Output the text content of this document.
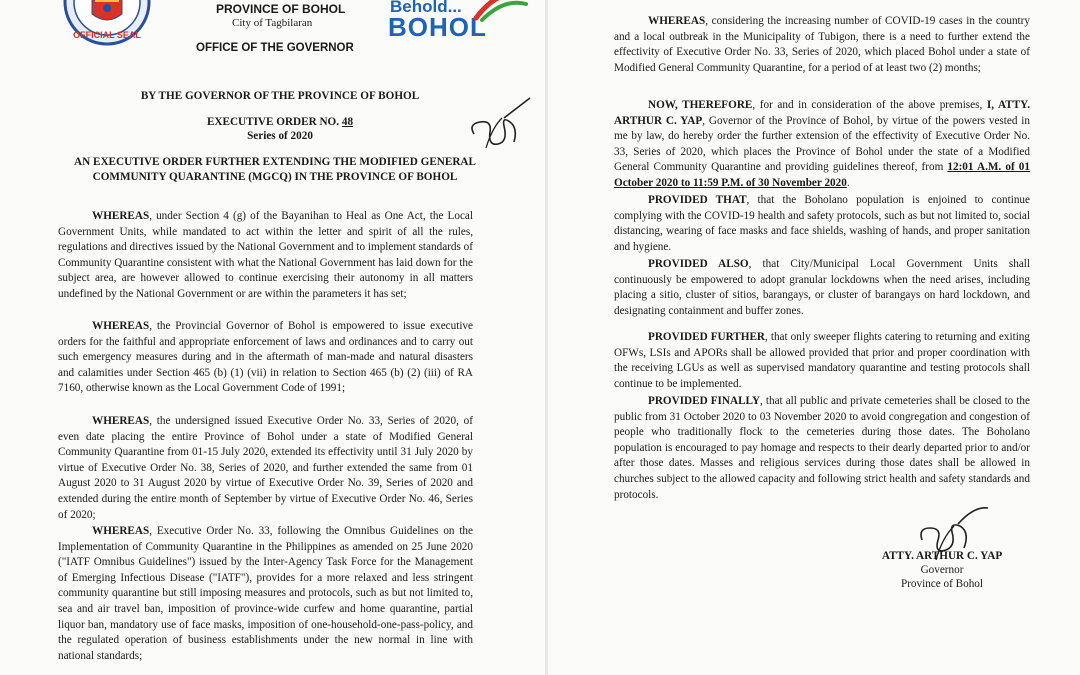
OFFICIAL SEAL
PROVINCE OF BOHOL
City of Tagbilaran
OFFICE OF THE GOVERNOR
Behold...
BOHOL
BY THE GOVERNOR OF THE PROVINCE OF BOHOL
EXECUTIVE ORDER NO. 48
Series of 2020
AN EXECUTIVE ORDER FURTHER EXTENDING THE MODIFIED GENERAL
COMMUNITY QUARANTINE (MGCQ) IN THE PROVINCE OF BOHOL
WHEREAS, under Section 4 (g) of the Bayanihan to Heal as One Act, the Local Government Units, while mandated to act within the letter and spirit of all the rules, regulations and directives issued by the National Government and to implement standards of Community Quarantine consistent with what the National Government has laid down for the subject area, are however allowed to continue exercising their autonomy in all matters undefined by the National Government or are within the parameters it has set;
WHEREAS, the Provincial Governor of Bohol is empowered to issue executive orders for the faithful and appropriate enforcement of laws and ordinances and to carry out such emergency measures during and in the aftermath of man-made and natural disasters and calamities under Section 465 (b) (1) (vii) in relation to Section 465 (b) (2) (iii) of RA 7160, otherwise known as the Local Government Code of 1991;
WHEREAS, the undersigned issued Executive Order No. 33, Series of 2020, of even date placing the entire Province of Bohol under a state of Modified General Community Quarantine from 01-15 July 2020, extended its effectivity until 31 July 2020 by virtue of Executive Order No. 38, Series of 2020, and further extended the same from 01 August 2020 to 31 August 2020 by virtue of Executive Order No. 39, Series of 2020 and extended during the entire month of September by virtue of Executive Order No. 46, Series of 2020;
WHEREAS, Executive Order No. 33, following the Omnibus Guidelines on the Implementation of Community Quarantine in the Philippines as amended on 25 June 2020 ("IATF Omnibus Guidelines") issued by the Inter-Agency Task Force for the Management of Emerging Infectious Disease ("IATF"), provides for a more relaxed and less stringent community quarantine but still imposing measures and protocols, such as but not limited to, sea and air travel ban, imposition of province-wide curfew and home quarantine, partial liquor ban, mandatory use of face masks, imposition of one-household-one-pass-policy, and the regulated operation of business establishments under the new normal in line with national standards;
WHEREAS, considering the increasing number of COVID-19 cases in the country and a local outbreak in the Municipality of Tubigon, there is a need to further extend the effectivity of Executive Order No. 33, Series of 2020, which placed Bohol under a state of Modified General Community Quarantine, for a period of at least two (2) months;
NOW, THEREFORE, for and in consideration of the above premises, I, ATTY. ARTHUR C. YAP, Governor of the Province of Bohol, by virtue of the powers vested in me by law, do hereby order the further extension of the effectivity of Executive Order No. 33, Series of 2020, which places the Province of Bohol under the state of a Modified General Community Quarantine and providing guidelines thereof, from 12:01 A.M. of 01 October 2020 to 11:59 P.M. of 30 November 2020.
PROVIDED THAT, that the Boholano population is enjoined to continue complying with the COVID-19 health and safety protocols, such as but not limited to, social distancing, wearing of face masks and face shields, washing of hands, and proper sanitation and hygiene.
PROVIDED ALSO, that City/Municipal Local Government Units shall continuously be empowered to adopt granular lockdowns when the need arises, including placing a sitio, cluster of sitios, barangays, or cluster of barangays on hard lockdown, and designating containment and buffer zones.
PROVIDED FURTHER, that only sweeper flights catering to returning and exiting OFWs, LSIs and APORs shall be allowed provided that prior and proper coordination with the receiving LGUs as well as supervised mandatory quarantine and testing protocols shall continue to be implemented.
PROVIDED FINALLY, that all public and private cemeteries shall be closed to the public from 31 October 2020 to 03 November 2020 to avoid congregation and congestion of people who traditionally flock to the cemeteries during those dates. The Boholano population is encouraged to pay homage and respects to their dearly departed prior to and/or after those dates. Masses and religious services during those dates shall be allowed in churches subject to the allowed capacity and following strict health and safety standards and protocols.
ATTY. ARTHUR C. YAP
Governor
Province of Bohol
